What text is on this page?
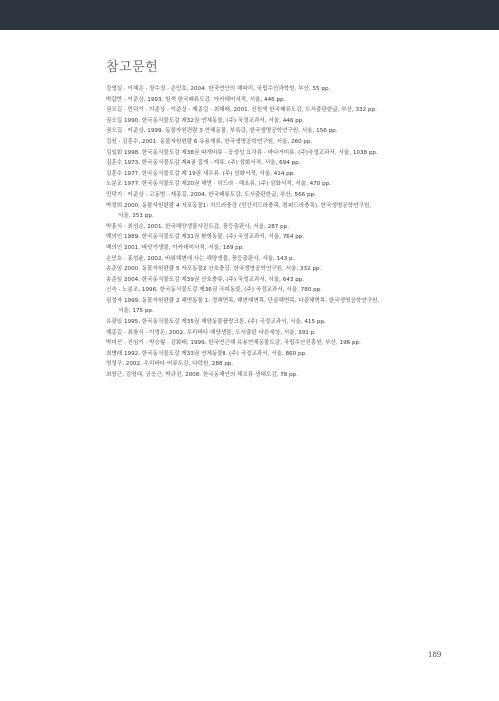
참고문헌
강영실 · 이혜은 · 장수정 · 손민호, 2004. 한국연안의 해파리, 국립수산과학원, 부산, 55 pp.
박갑만 · 이준상, 1993. 원색 한국패류도감. 아카데미서적, 서울, 446 pp.
권오길 · 민덕기 · 이준상 · 이준상 · 제종길 · 최해래, 2001. 신원색 한국패류도감, 도서출판한글, 부산, 332 pp.
권오길 1990. 한국동식물도감 제32권 연체동물, (주) 국정교과서, 서울, 446 pp.
권오길 · 이준상, 1999. 동물자원편람 3 연체동물. 부록강, 한국생명공학연구원, 서울, 156 pp.
김원 · 김훈수, 2001. 동물자원편람 6 유용게류, 한국생명공학연구원, 서울, 260 pp.
김일회 1998. 한국동식물도감 제38권 따개비류 · 공생성 요각류 · 바다거미류. (주)국정교과서, 서울, 1038 pp.
김훈수 1973. 한국동식물도감 제4권 집게 · 게류. (주) 삼화서적, 서울, 694 pp.
김훈수 1977. 한국동식물도감 제 19권 새우류. (주) 삼화서적, 서울, 414 pp.
노분조 1977. 한국동식물도감 제20권 해면 · 히드라 · 해초류, (주) 삼화서적, 서울, 470 pp.
민덕기 · 이준상 · 고동범 · 제종길, 2004. 한국패류도감, 도서출판한글, 부산, 566 pp.
박정희 2000. 동물자원편람 4 자포동물1: 히드라충강 (민간히드라충목, 컴퍼드라충목). 한국생명공학연구원,
서울, 251 pp.
박흥식 · 최성순, 2001. 한국해양생물사진도감, 풍등출판사, 서울, 287 pp.
백의인 1989. 한국동식물도감 제31권 환형동물. (주) 국정교과서, 서울, 764 pp.
백의인 2001. 바닷가생물, 아카데미서적, 서울, 189 pp.
손민호 · 홍성윤, 2002. 바위해변에 사는 해양생물, 풍등출판사, 서울, 143 p.
송준임 2000. 동물자원편람 5 자포동물2 산호충강. 한국생명공학연구원, 서울, 332 pp.
송준임 2004. 한국동식물도감 제39권 산호충류, (주) 국정교과서, 서울, 643 pp.
신숙 · 노분조, 1996. 한국동식물도감 제36권 극피동물, (주) 국정교과서, 서울, 780 pp.
심정자 1999. 동물자원편람 2 해면동물 1: 경해면목, 해변해면목, 단골해면목, 다골해면목, 한국생명공학연구원,
서울, 175 pp.
유광일 1995. 한국동식물도감 제35권 해양동물플랑크톤, (주) 국정교과서, 서울, 415 pp.
제종길 · 최광식 · 이영돈, 2002. 우리바다 해양생물, 도서출판 다른세상, 서울, 391 p.
박미선 · 진임기 · 박승월 · 김화태, 1999. 한국연근해 유용연체동물도감, 국립수산진흥원, 부산, 196 pp.
최병래 1992. 한국동식물도감 제33권 연체동물Ⅱ. (주) 국정교과서, 서울, 860 pp.
명정구, 2002. 우리바다 어류도감, 다락원, 288 pp.
최창근, 김영대, 공응근, 박규진, 2008. 한국동해안의 해조류 생태도감, 78 pp.
189
